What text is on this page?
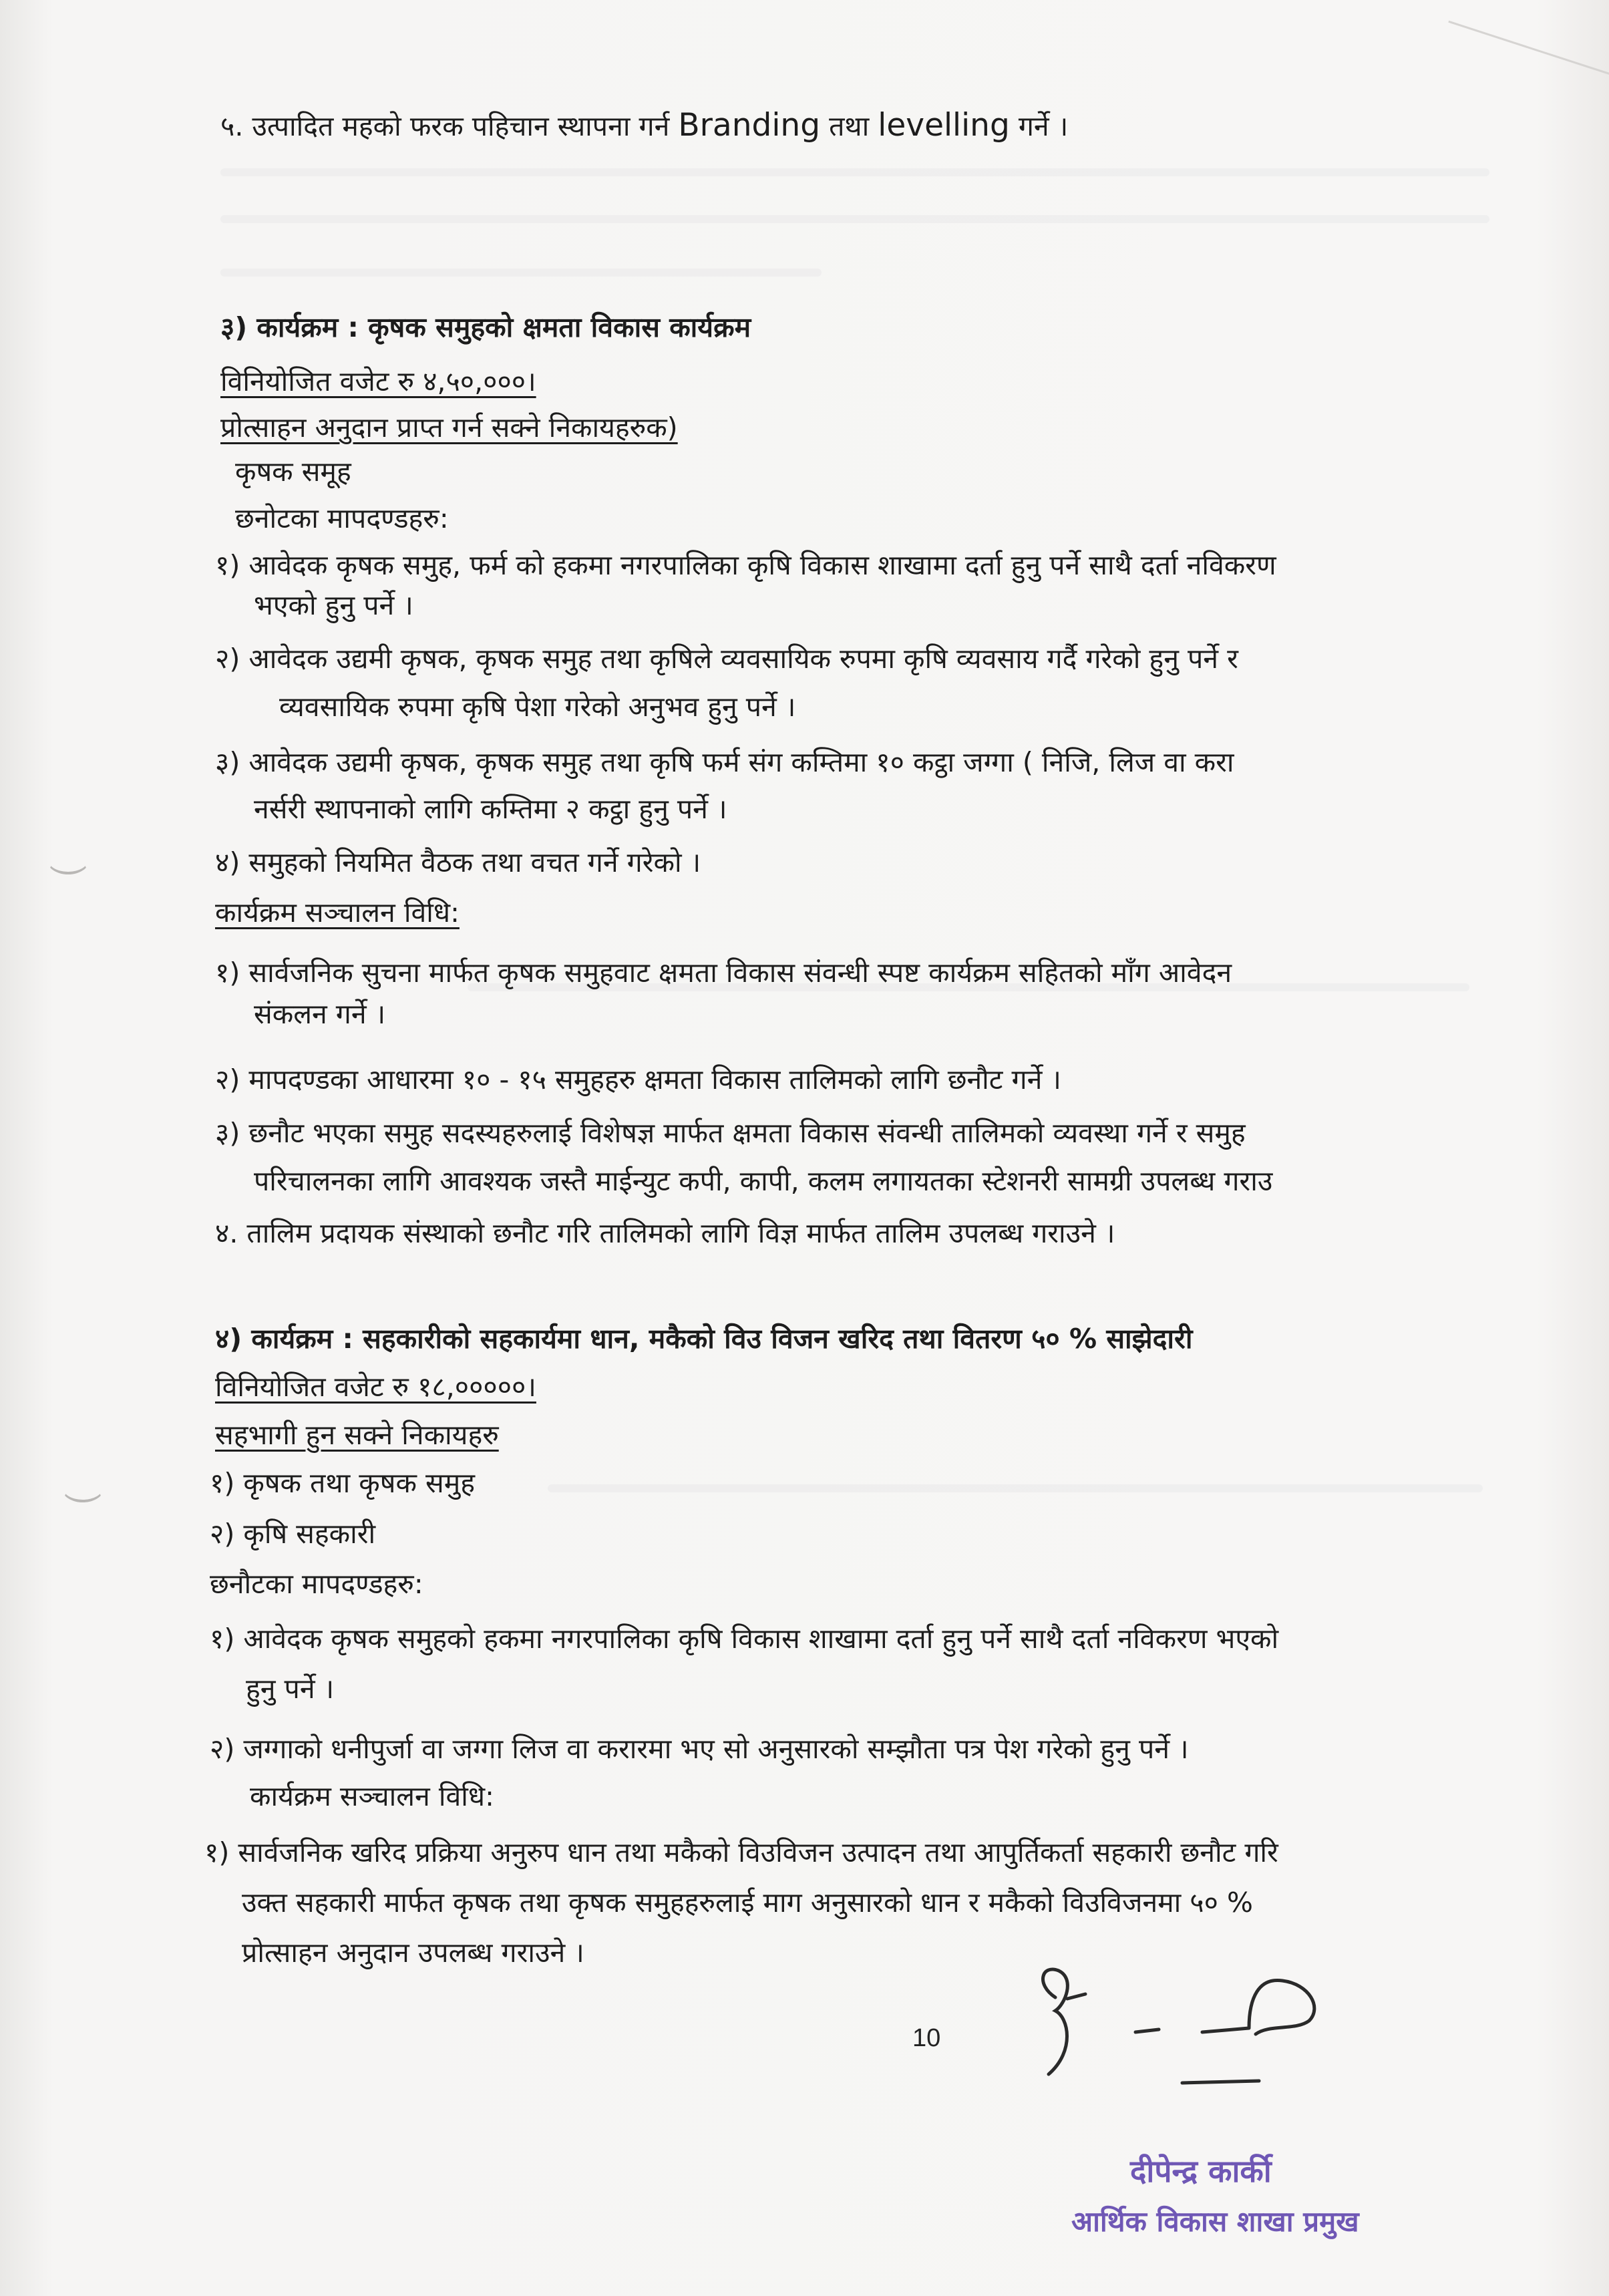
५. उत्पादित महको फरक पहिचान स्थापना गर्न Branding तथा levelling गर्ने ।
३) कार्यक्रम : कृषक समुहको क्षमता विकास कार्यक्रम
विनियोजित वजेट रु ४,५०,०००।
प्रोत्साहन अनुदान प्राप्त गर्न सक्ने निकायहरुक)
कृषक समूह
छनोटका मापदण्डहरु:
१) आवेदक कृषक समुह, फर्म को हकमा नगरपालिका कृषि विकास शाखामा दर्ता हुनु पर्ने साथै दर्ता नविकरण
भएको हुनु पर्ने ।
२) आवेदक उद्यमी कृषक, कृषक समुह तथा कृषिले व्यवसायिक रुपमा कृषि व्यवसाय गर्दै गरेको हुनु पर्ने र
व्यवसायिक रुपमा कृषि पेशा गरेको अनुभव हुनु पर्ने ।
३) आवेदक उद्यमी कृषक, कृषक समुह तथा कृषि फर्म संग कम्तिमा १० कट्ठा जग्गा ( निजि, लिज वा करा
नर्सरी स्थापनाको लागि कम्तिमा २ कट्ठा हुनु पर्ने ।
४) समुहको नियमित वैठक तथा वचत गर्ने गरेको ।
कार्यक्रम सञ्चालन विधि:
१) सार्वजनिक सुचना मार्फत कृषक समुहवाट क्षमता विकास संवन्धी स्पष्ट कार्यक्रम सहितको माँग आवेदन
संकलन गर्ने ।
२) मापदण्डका आधारमा १० - १५ समुहहरु क्षमता विकास तालिमको लागि छनौट गर्ने ।
३) छनौट भएका समुह सदस्यहरुलाई विशेषज्ञ मार्फत क्षमता विकास संवन्धी तालिमको व्यवस्था गर्ने र समुह
परिचालनका लागि आवश्यक जस्तै माईन्युट कपी, कापी, कलम लगायतका स्टेशनरी सामग्री उपलब्ध गराउ
४. तालिम प्रदायक संस्थाको छनौट गरि तालिमको लागि विज्ञ मार्फत तालिम उपलब्ध गराउने ।
४) कार्यक्रम : सहकारीको सहकार्यमा धान, मकैको विउ विजन खरिद तथा वितरण ५० % साझेदारी
विनियोजित वजेट रु १८,०००००।
सहभागी हुन सक्ने निकायहरु
१) कृषक तथा कृषक समुह
२) कृषि सहकारी
छनौटका मापदण्डहरु:
१) आवेदक कृषक समुहको हकमा नगरपालिका कृषि विकास शाखामा दर्ता हुनु पर्ने साथै दर्ता नविकरण भएको
हुनु पर्ने ।
२) जग्गाको धनीपुर्जा वा जग्गा लिज वा करारमा भए सो अनुसारको सम्झौता पत्र पेश गरेको हुनु पर्ने ।
कार्यक्रम सञ्चालन विधि:
१) सार्वजनिक खरिद प्रक्रिया अनुरुप धान तथा मकैको विउविजन उत्पादन तथा आपुर्तिकर्ता सहकारी छनौट गरि
उक्त सहकारी मार्फत कृषक तथा कृषक समुहहरुलाई माग अनुसारको धान र मकैको विउविजनमा ५० %
प्रोत्साहन अनुदान उपलब्ध गराउने ।
10
दीपेन्द्र कार्की
आर्थिक विकास शाखा प्रमुख
